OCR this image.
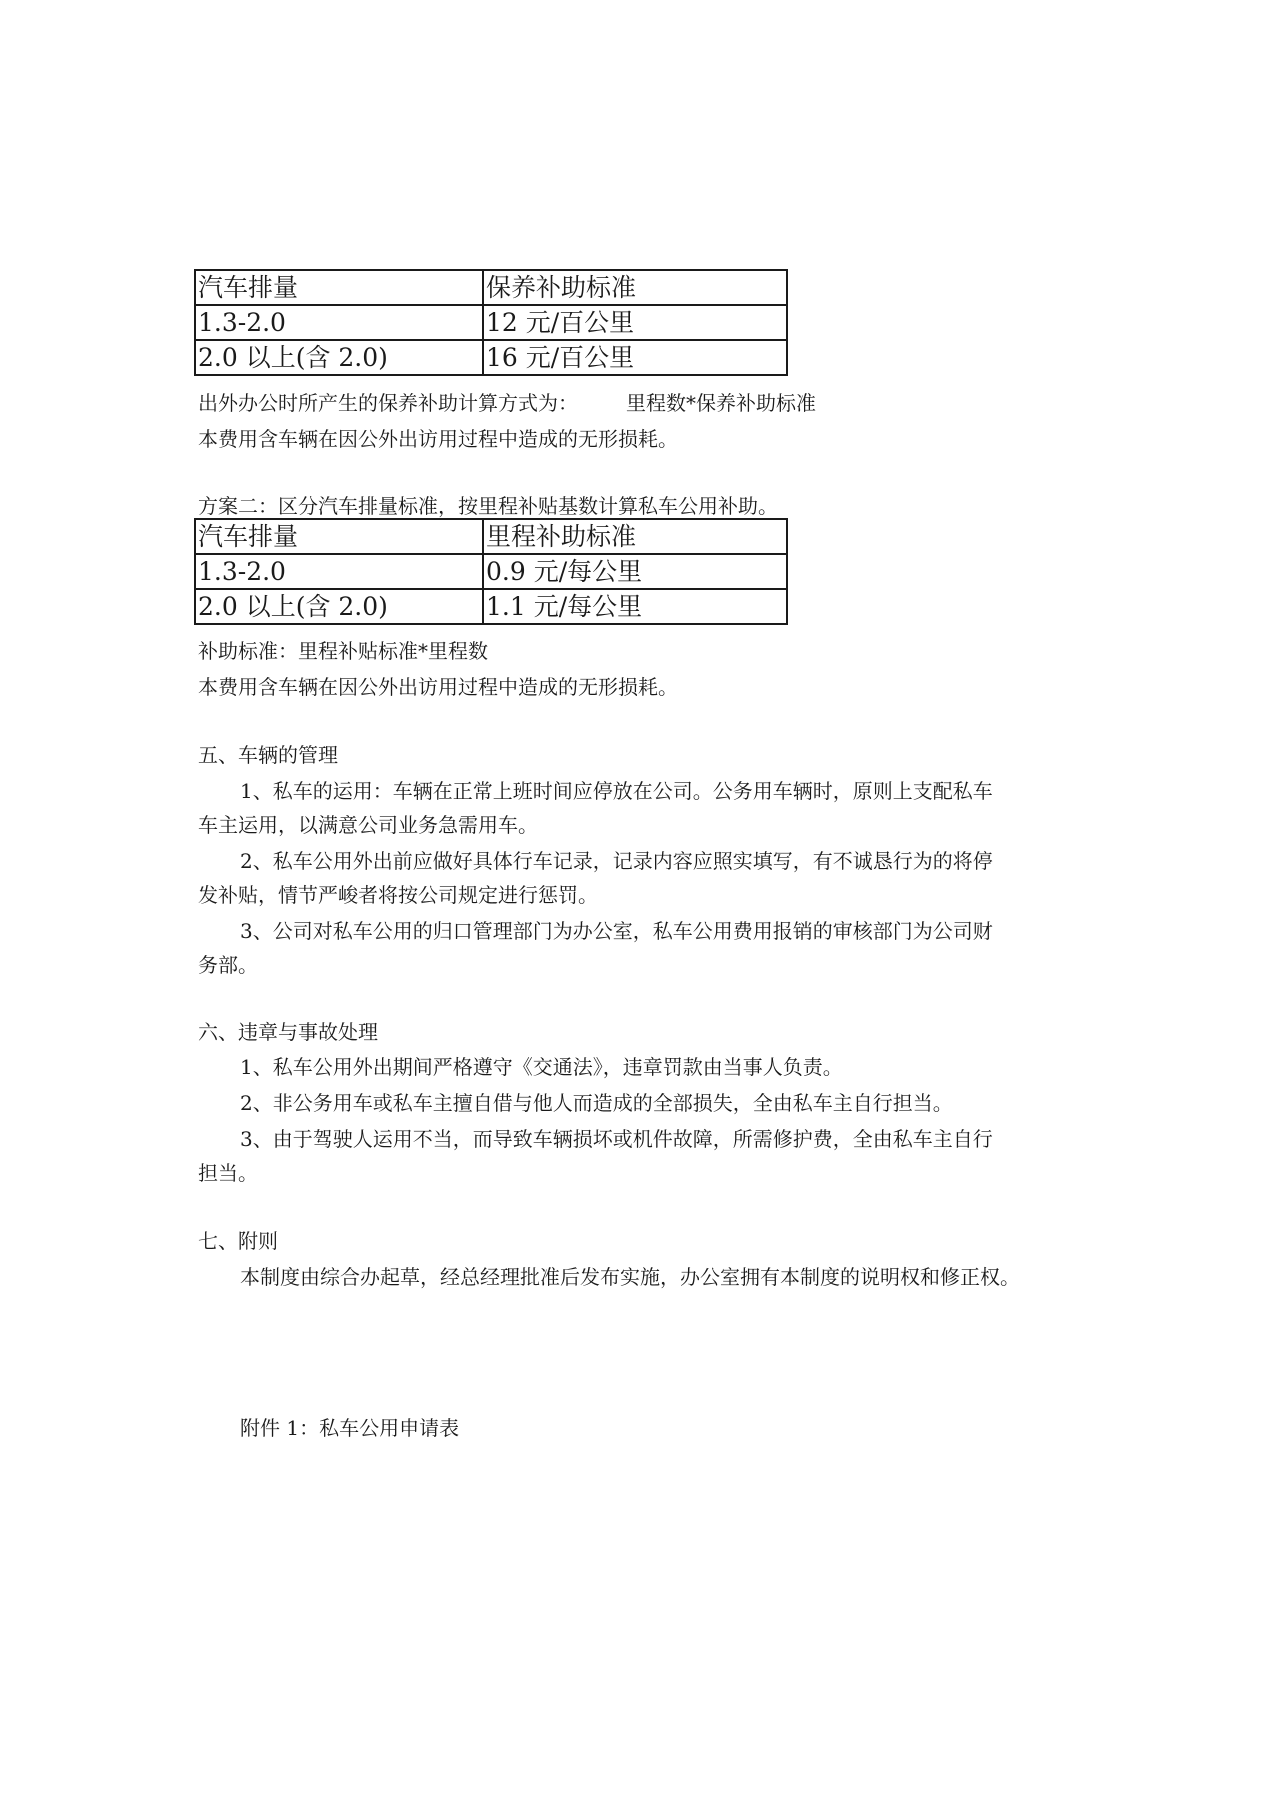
汽车排量	保养补助标准
1.3-2.0	12 元/百公里
2.0 以上(含 2.0)	16 元/百公里
出外办公时所产生的保养补助计算方式为： 里程数*保养补助标准
本费用含车辆在因公外出访用过程中造成的无形损耗。
方案二：区分汽车排量标准，按里程补贴基数计算私车公用补助。
汽车排量	里程补助标准
1.3-2.0	0.9 元/每公里
2.0 以上(含 2.0)	1.1 元/每公里
补助标准：里程补贴标准*里程数
本费用含车辆在因公外出访用过程中造成的无形损耗。
五、车辆的管理
1、私车的运用：车辆在正常上班时间应停放在公司。公务用车辆时，原则上支配私车
车主运用，以满意公司业务急需用车。
2、私车公用外出前应做好具体行车记录，记录内容应照实填写，有不诚恳行为的将停
发补贴，情节严峻者将按公司规定进行惩罚。
3、公司对私车公用的归口管理部门为办公室，私车公用费用报销的审核部门为公司财
务部。
六、违章与事故处理
1、私车公用外出期间严格遵守《交通法》，违章罚款由当事人负责。
2、非公务用车或私车主擅自借与他人而造成的全部损失，全由私车主自行担当。
3、由于驾驶人运用不当，而导致车辆损坏或机件故障，所需修护费，全由私车主自行
担当。
七、附则
本制度由综合办起草，经总经理批准后发布实施，办公室拥有本制度的说明权和修正权。
附件 1：私车公用申请表
